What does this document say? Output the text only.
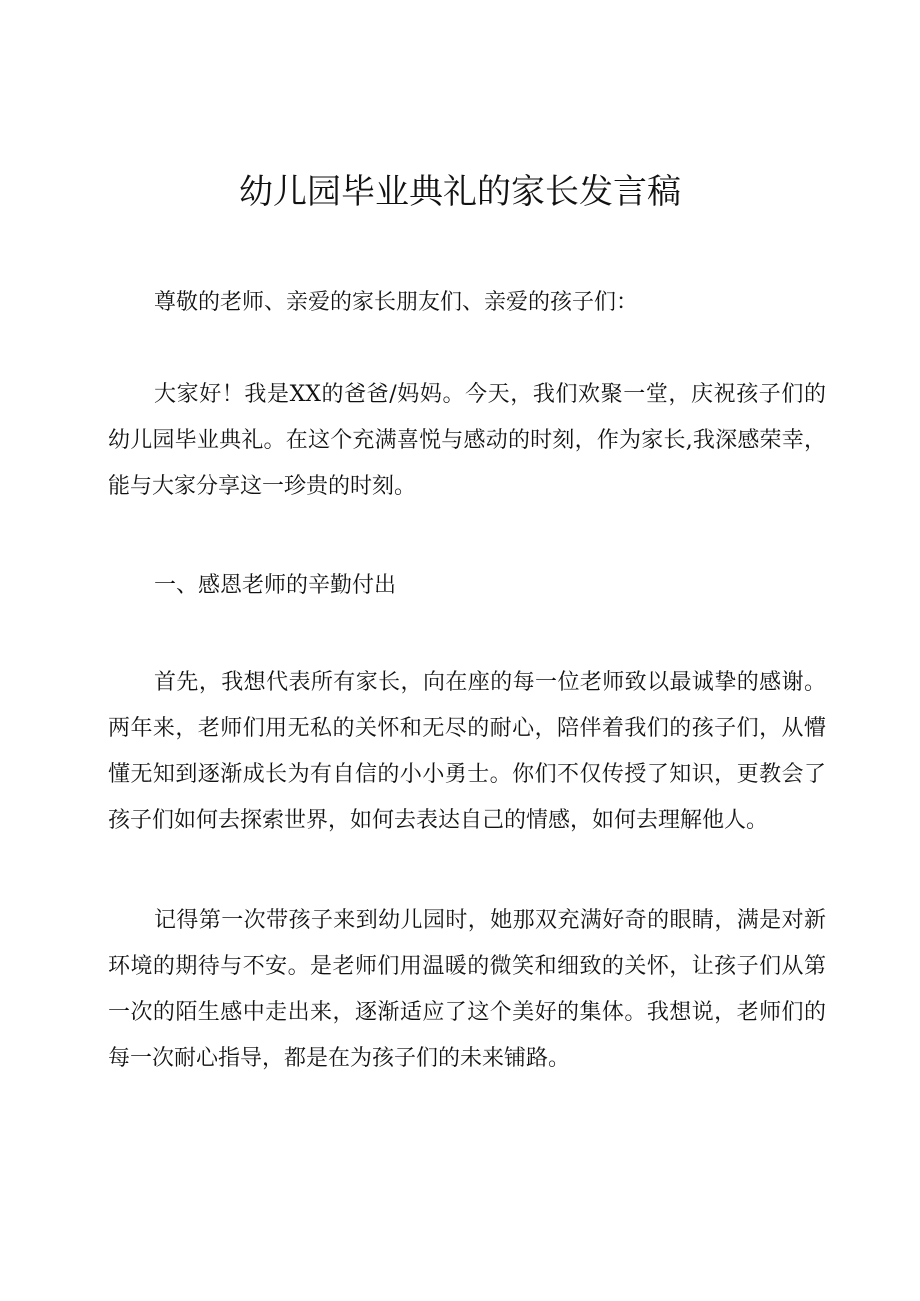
幼儿园毕业典礼的家长发言稿

尊敬的老师、亲爱的家长朋友们、亲爱的孩子们：

大家好！我是XX的爸爸/妈妈。今天，我们欢聚一堂，庆祝孩子们的幼儿园毕业典礼。在这个充满喜悦与感动的时刻，作为家长,我深感荣幸，能与大家分享这一珍贵的时刻。

一、感恩老师的辛勤付出

首先，我想代表所有家长，向在座的每一位老师致以最诚挚的感谢。两年来，老师们用无私的关怀和无尽的耐心，陪伴着我们的孩子们，从懵懂无知到逐渐成长为有自信的小小勇士。你们不仅传授了知识，更教会了孩子们如何去探索世界，如何去表达自己的情感，如何去理解他人。

记得第一次带孩子来到幼儿园时，她那双充满好奇的眼睛，满是对新环境的期待与不安。是老师们用温暖的微笑和细致的关怀，让孩子们从第一次的陌生感中走出来，逐渐适应了这个美好的集体。我想说，老师们的每一次耐心指导，都是在为孩子们的未来铺路。
